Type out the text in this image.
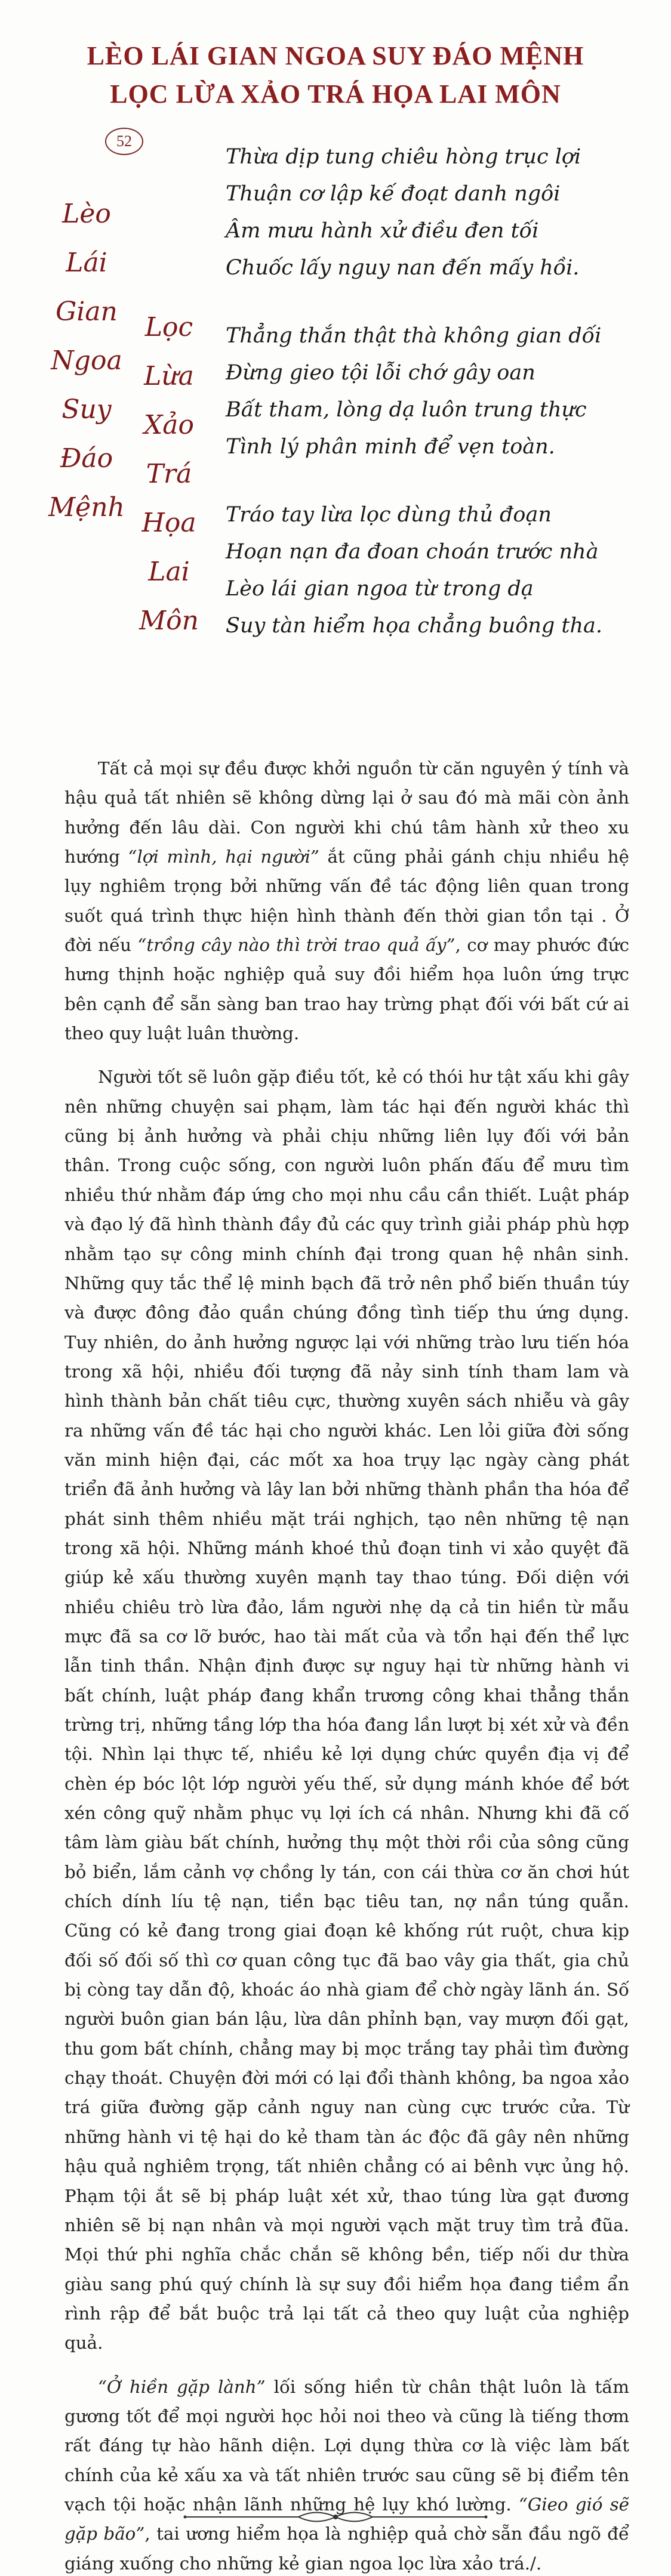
LÈO LÁI GIAN NGOA SUY ĐÁO MỆNH
LỌC LỪA XẢO TRÁ HỌA LAI MÔN
52
Lèo
Lái
Gian
Ngoa
Suy
Đáo
Mệnh
Lọc
Lừa
Xảo
Trá
Họa
Lai
Môn

Thừa dịp tung chiêu hòng trục lợi

Thuận cơ lập kế đoạt danh ngôi

Âm mưu hành xử điều đen tối

Chuốc lấy nguy nan đến mấy hồi.

Thẳng thắn thật thà không gian dối

Đừng gieo tội lỗi chớ gây oan

Bất tham, lòng dạ luôn trung thực

Tình lý phân minh để vẹn toàn.

Tráo tay lừa lọc dùng thủ đoạn

Hoạn nạn đa đoan choán trước nhà

Lèo lái gian ngoa từ trong dạ

Suy tàn hiểm họa chẳng buông tha.

Tất cả mọi sự đều được khởi nguồn từ căn nguyên ý tính và hậu quả tất nhiên sẽ không dừng lại ở sau đó mà mãi còn ảnh hưởng đến lâu dài. Con người khi chú tâm hành xử theo xu hướng “lợi mình, hại người” ắt cũng phải gánh chịu nhiều hệ lụy nghiêm trọng bởi những vấn đề tác động liên quan trong suốt quá trình thực hiện hình thành đến thời gian tồn tại . Ở đời nếu “trồng cây nào thì trời trao quả ấy”, cơ may phước đức hưng thịnh hoặc nghiệp quả suy đồi hiểm họa luôn ứng trực bên cạnh để sẵn sàng ban trao hay trừng phạt đối với bất cứ ai theo quy luật luân thường.

Người tốt sẽ luôn gặp điều tốt, kẻ có thói hư tật xấu khi gây nên những chuyện sai phạm, làm tác hại đến người khác thì cũng bị ảnh hưởng và phải chịu những liên lụy đối với bản thân. Trong cuộc sống, con người luôn phấn đấu để mưu tìm nhiều thứ nhằm đáp ứng cho mọi nhu cầu cần thiết. Luật pháp và đạo lý đã hình thành đầy đủ các quy trình giải pháp phù hợp nhằm tạo sự công minh chính đại trong quan hệ nhân sinh. Những quy tắc thể lệ minh bạch đã trở nên phổ biến thuần túy và được đông đảo quần chúng đồng tình tiếp thu ứng dụng. Tuy nhiên, do ảnh hưởng ngược lại với những trào lưu tiến hóa trong xã hội, nhiều đối tượng đã nảy sinh tính tham lam và hình thành bản chất tiêu cực, thường xuyên sách nhiễu và gây ra những vấn đề tác hại cho người khác. Len lỏi giữa đời sống văn minh hiện đại, các mốt xa hoa trụy lạc ngày càng phát triển đã ảnh hưởng và lây lan bởi những thành phần tha hóa để phát sinh thêm nhiều mặt trái nghịch, tạo nên những tệ nạn trong xã hội. Những mánh khoé thủ đoạn tinh vi xảo quyệt đã giúp kẻ xấu thường xuyên mạnh tay thao túng. Đối diện với nhiều chiêu trò lừa đảo, lắm người nhẹ dạ cả tin hiền từ mẫu mực đã sa cơ lỡ bước, hao tài mất của và tổn hại đến thể lực lẫn tinh thần. Nhận định được sự nguy hại từ những hành vi bất chính, luật pháp đang khẩn trương công khai thẳng thắn trừng trị, những tầng lớp tha hóa đang lần lượt bị xét xử và đền tội. Nhìn lại thực tế, nhiều kẻ lợi dụng chức quyền địa vị để chèn ép bóc lột lớp người yếu thế, sử dụng mánh khóe để bớt xén công quỹ nhằm phục vụ lợi ích cá nhân. Nhưng khi đã cố tâm làm giàu bất chính, hưởng thụ một thời rồi của sông cũng bỏ biển, lắm cảnh vợ chồng ly tán, con cái thừa cơ ăn chơi hút chích dính líu tệ nạn, tiền bạc tiêu tan, nợ nần túng quẫn. Cũng có kẻ đang trong giai đoạn kê khống rút ruột, chưa kịp đối số đối số thì cơ quan công tục đã bao vây gia thất, gia chủ bị còng tay dẫn độ, khoác áo nhà giam để chờ ngày lãnh án. Số người buôn gian bán lậu, lừa dân phỉnh bạn, vay mượn đối gạt, thu gom bất chính, chẳng may bị mọc trắng tay phải tìm đường chạy thoát. Chuyện đời mới có lại đổi thành không, ba ngoa xảo trá giữa đường gặp cảnh nguy nan cùng cực trước cửa. Từ những hành vi tệ hại do kẻ tham tàn ác độc đã gây nên những hậu quả nghiêm trọng, tất nhiên chẳng có ai bênh vực ủng hộ. Phạm tội ắt sẽ bị pháp luật xét xử, thao túng lừa gạt đương nhiên sẽ bị nạn nhân và mọi người vạch mặt truy tìm trả đũa. Mọi thứ phi nghĩa chắc chắn sẽ không bền, tiếp nối dư thừa giàu sang phú quý chính là sự suy đồi hiểm họa đang tiềm ẩn rình rập để bắt buộc trả lại tất cả theo quy luật của nghiệp quả.

“Ở hiền gặp lành” lối sống hiền từ chân thật luôn là tấm gương tốt để mọi người học hỏi noi theo và cũng là tiếng thơm rất đáng tự hào hãnh diện. Lợi dụng thừa cơ là việc làm bất chính của kẻ xấu xa và tất nhiên trước sau cũng sẽ bị điểm tên vạch tội hoặc nhận lãnh những hệ lụy khó lường. “Gieo gió sẽ gặp bão”, tai ương hiểm họa là nghiệp quả chờ sẵn đầu ngõ để giáng xuống cho những kẻ gian ngoa lọc lừa xảo trá./.
